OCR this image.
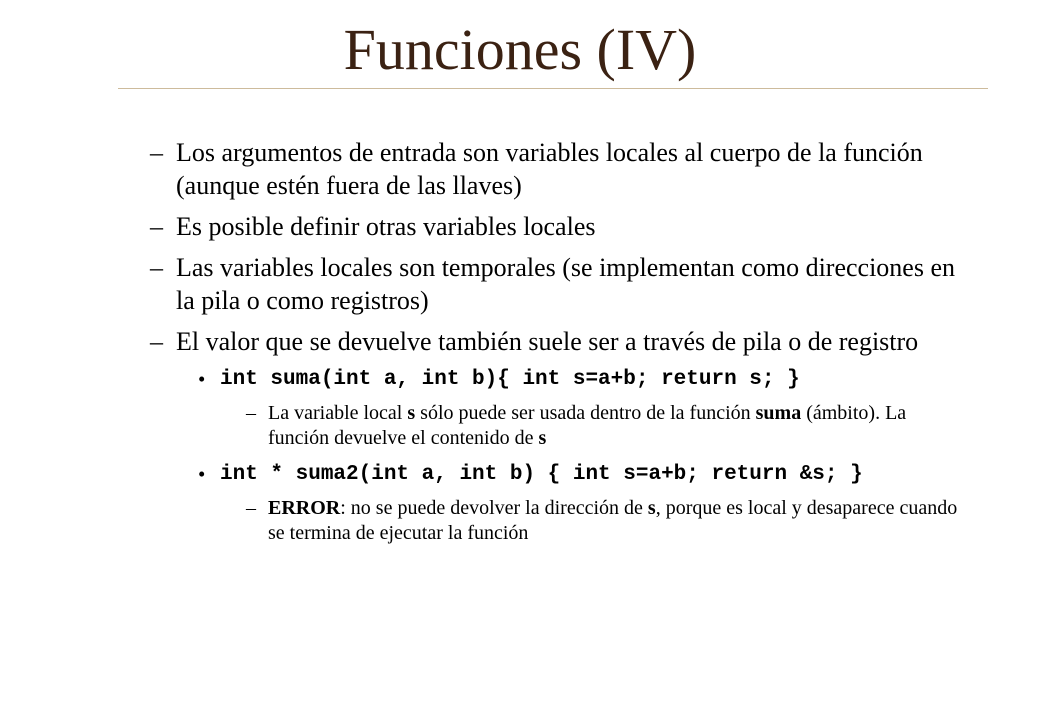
Funciones (IV)
– Los argumentos de entrada son variables locales al cuerpo de la función (aunque estén fuera de las llaves)
– Es posible definir otras variables locales
– Las variables locales son temporales (se implementan como direcciones en la pila o como registros)
– El valor que se devuelve también suele ser a través de pila o de registro
• int suma(int a, int b){ int s=a+b; return s; }
– La variable local s sólo puede ser usada dentro de la función suma (ámbito). La función devuelve el contenido de s
• int * suma2(int a, int b) { int s=a+b; return &s; }
– ERROR: no se puede devolver la dirección de s, porque es local y desaparece cuando se termina de ejecutar la función
